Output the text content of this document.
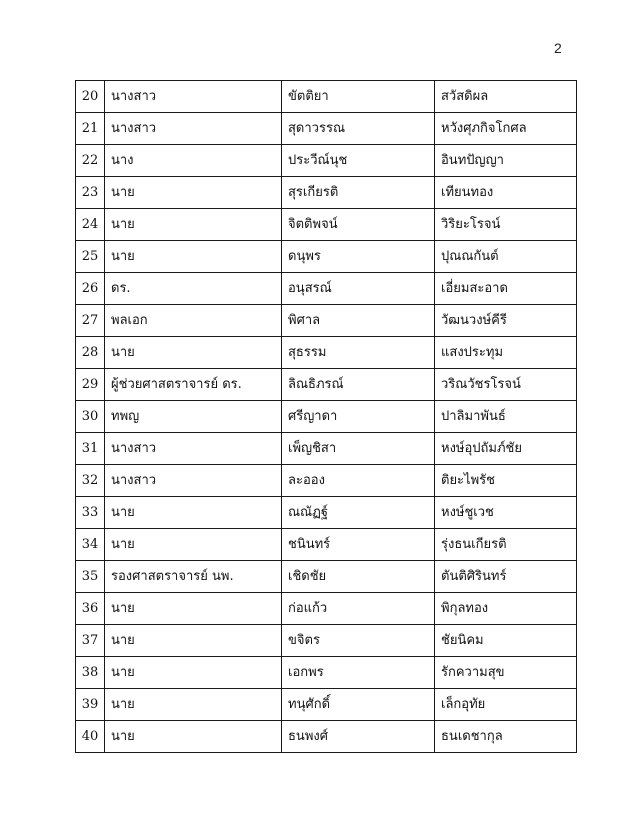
2
20	นางสาว	ขัตติยา	สวัสดิผล
21	นางสาว	สุดาวรรณ	หวังศุภกิจโกศล
22	นาง	ประวีณ์นุช	อินทปัญญา
23	นาย	สุรเกียรติ	เทียนทอง
24	นาย	จิตติพจน์	วิริยะโรจน์
25	นาย	ดนุพร	ปุณณกันต์
26	ดร.	อนุสรณ์	เอี่ยมสะอาด
27	พลเอก	พิศาล	วัฒนวงษ์คีรี
28	นาย	สุธรรม	แสงประทุม
29	ผู้ช่วยศาสตราจารย์ ดร.	ลิณธิภรณ์	วริณวัชรโรจน์
30	ทพญ	ศรีญาดา	ปาลิมาพันธ์
31	นางสาว	เพ็ญชิสา	หงษ์อุปถัมภ์ชัย
32	นางสาว	ละออง	ติยะไพรัช
33	นาย	ณณัฏฐ์	หงษ์ชูเวช
34	นาย	ชนินทร์	รุ่งธนเกียรติ
35	รองศาสตราจารย์ นพ.	เชิดชัย	ตันติศิรินทร์
36	นาย	ก่อแก้ว	พิกุลทอง
37	นาย	ขจิตร	ชัยนิคม
38	นาย	เอกพร	รักความสุข
39	นาย	ทนุศักดิ์	เล็กอุทัย
40	นาย	ธนพงศ์	ธนเดชากุล
